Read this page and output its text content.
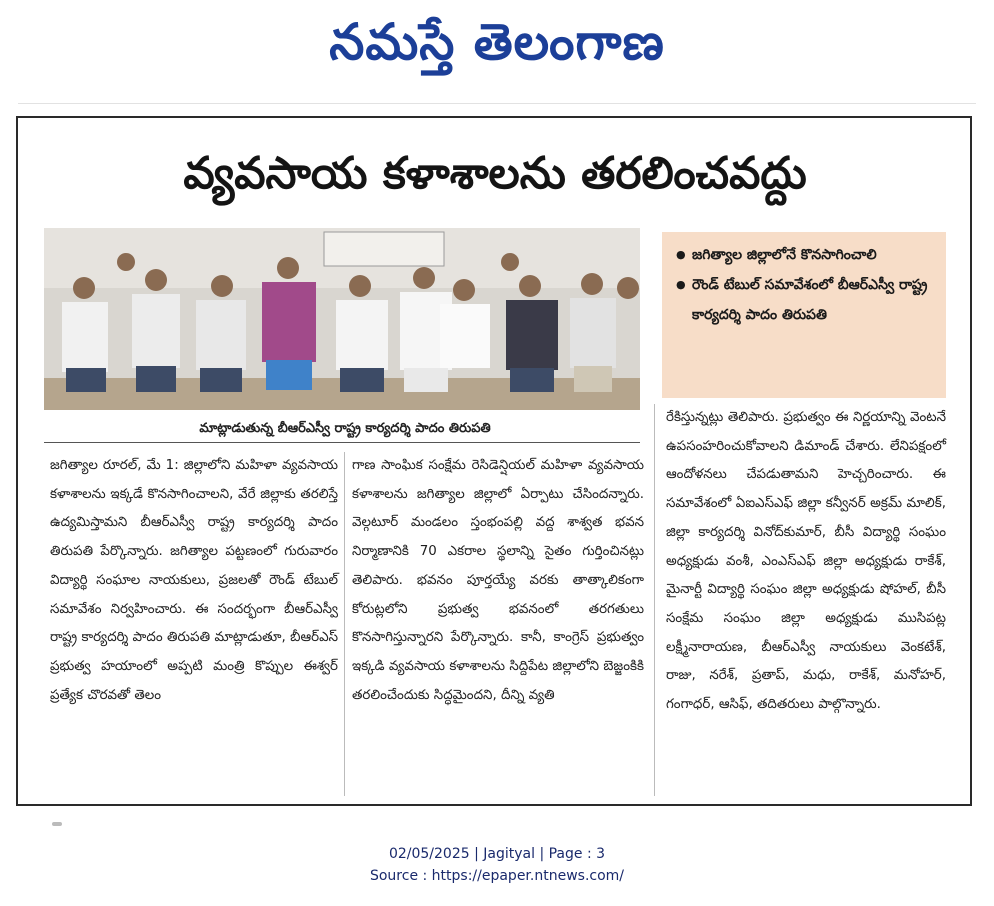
నమస్తే తెలంగాణ
వ్యవసాయ కళాశాలను తరలించవద్దు
మాట్లాడుతున్న బీఆర్ఎస్వీ రాష్ట్ర కార్యదర్శి పాదం తిరుపతి
● జగిత్యాల జిల్లాలోనే కొనసాగించాలి
● రౌండ్ టేబుల్ సమావేశంలో బీఆర్ఎస్వీ రాష్ట్ర కార్యదర్శి పాదం తిరుపతి

జగిత్యాల రూరల్, మే 1: జిల్లాలోని మహిళా వ్యవసాయ కళాశాలను ఇక్కడే కొనసాగించాలని, వేరే జిల్లాకు తరలిస్తే ఉద్యమిస్తామని బీఆర్ఎస్వీ రాష్ట్ర కార్యదర్శి పాదం తిరుపతి పేర్కొన్నారు. జగిత్యాల పట్టణంలో గురువారం విద్యార్థి సంఘాల నాయకులు, ప్రజలతో రౌండ్ టేబుల్ సమావేశం నిర్వహించారు. ఈ సందర్భంగా బీఆర్ఎస్వీ రాష్ట్ర కార్యదర్శి పాదం తిరుపతి మాట్లాడుతూ, బీఆర్ఎస్ ప్రభుత్వ హయాంలో అప్పటి మంత్రి కొప్పుల ఈశ్వర్ ప్రత్యేక చొరవతో తెలం

గాణ సాంఘిక సంక్షేమ రెసిడెన్షియల్ మహిళా వ్యవసాయ కళాశాలను జగిత్యాల జిల్లాలో ఏర్పాటు చేసిందన్నారు. వెల్గటూర్ మండలం స్తంభంపల్లి వద్ద శాశ్వత భవన నిర్మాణానికి 70 ఎకరాల స్థలాన్ని సైతం గుర్తించినట్లు తెలిపారు. భవనం పూర్తయ్యే వరకు తాత్కాలికంగా కోరుట్లలోని ప్రభుత్వ భవనంలో తరగతులు కొనసాగిస్తున్నారని పేర్కొన్నారు. కానీ, కాంగ్రెస్ ప్రభుత్వం ఇక్కడి వ్యవసాయ కళాశాలను సిద్దిపేట జిల్లాలోని బెజ్జంకికి తరలించేందుకు సిద్ధమైందని, దీన్ని వ్యతి

రేకిస్తున్నట్లు తెలిపారు. ప్రభుత్వం ఈ నిర్ణయాన్ని వెంటనే ఉపసంహరించుకోవాలని డిమాండ్ చేశారు. లేనిపక్షంలో ఆందోళనలు చేపడుతామని హెచ్చరించారు. ఈ సమావేశంలో ఏఐఎస్ఎఫ్ జిల్లా కన్వీనర్ అక్రమ్ మాలిక్, జిల్లా కార్యదర్శి వినోద్‌కుమార్, బీసీ విద్యార్థి సంఘం అధ్యక్షుడు వంశీ, ఎంఎస్ఎఫ్ జిల్లా అధ్యక్షుడు రాకేశ్, మైనార్టీ విద్యార్థి సంఘం జిల్లా అధ్యక్షుడు షోహల్, బీసీ సంక్షేమ సంఘం జిల్లా అధ్యక్షుడు ముసిపట్ల లక్ష్మీనారాయణ, బీఆర్ఎస్వీ నాయకులు వెంకటేశ్, రాజు, నరేశ్, ప్రతాప్, మధు, రాకేశ్, మనోహర్, గంగాధర్, ఆసిఫ్, తదితరులు పాల్గొన్నారు.

02/05/2025 | Jagityal | Page : 3
Source : https://epaper.ntnews.com/
